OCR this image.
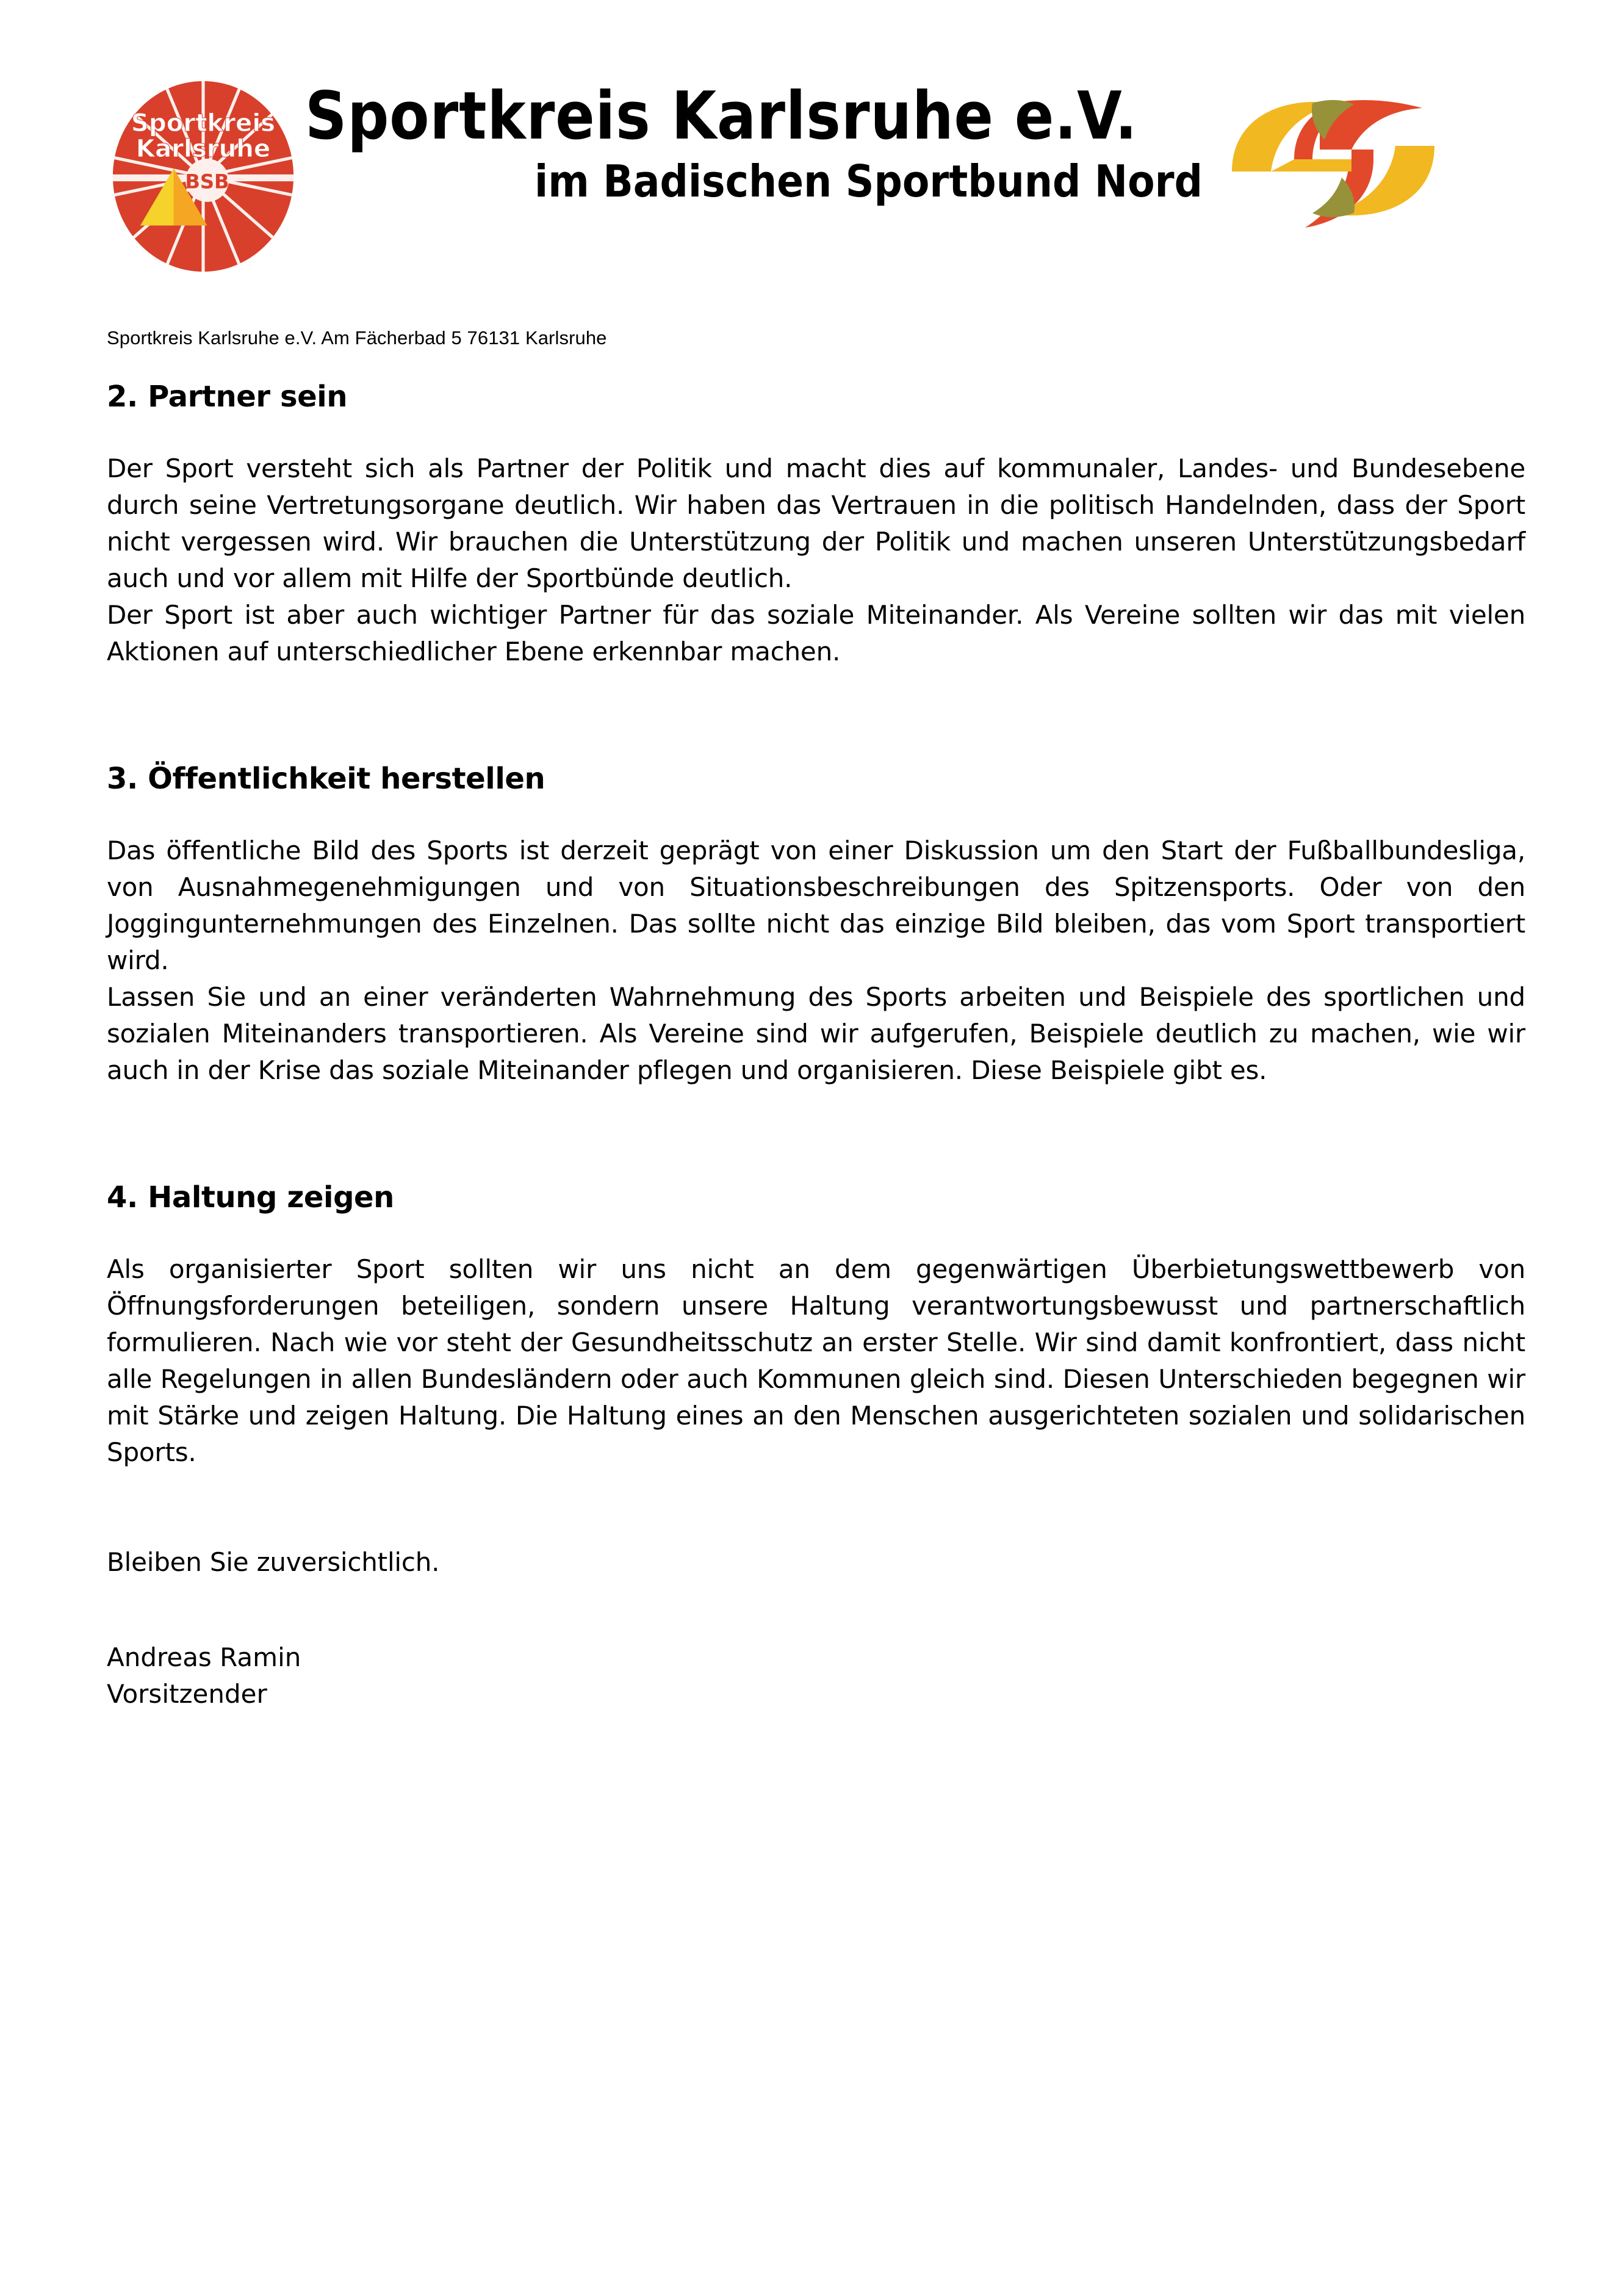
BSB
Sportkreis
Karlsruhe Sportkreis Karlsruhe e.V.
im Badischen Sportbund Nord
Sportkreis Karlsruhe e.V. Am Fächerbad 5 76131 Karlsruhe
2. Partner sein

Der Sport versteht sich als Partner der Politik und macht dies auf kommunaler, Landes- und Bundesebene durch seine Vertretungsorgane deutlich. Wir haben das Vertrauen in die politisch Handelnden, dass der Sport nicht vergessen wird. Wir brauchen die Unterstützung der Politik und machen unseren Unterstützungsbedarf auch und vor allem mit Hilfe der Sportbünde deutlich.

Der Sport ist aber auch wichtiger Partner für das soziale Miteinander. Als Vereine sollten wir das mit vielen Aktionen auf unterschiedlicher Ebene erkennbar machen.

3. Öffentlichkeit herstellen

Das öffentliche Bild des Sports ist derzeit geprägt von einer Diskussion um den Start der Fußballbundesliga, von Ausnahmegenehmigungen und von Situationsbeschreibungen des Spitzensports. Oder von den Joggingunternehmungen des Einzelnen. Das sollte nicht das einzige Bild bleiben, das vom Sport transportiert wird.

Lassen Sie und an einer veränderten Wahrnehmung des Sports arbeiten und Beispiele des sportlichen und sozialen Miteinanders transportieren. Als Vereine sind wir aufgerufen, Beispiele deutlich zu machen, wie wir auch in der Krise das soziale Miteinander pflegen und organisieren. Diese Beispiele gibt es.

4. Haltung zeigen

Als organisierter Sport sollten wir uns nicht an dem gegenwärtigen Überbietungswettbewerb von Öffnungsforderungen beteiligen, sondern unsere Haltung verantwortungsbewusst und partnerschaftlich formulieren. Nach wie vor steht der Gesundheitsschutz an erster Stelle. Wir sind damit konfrontiert, dass nicht alle Regelungen in allen Bundesländern oder auch Kommunen gleich sind. Diesen Unterschieden begegnen wir mit Stärke und zeigen Haltung. Die Haltung eines an den Menschen ausgerichteten sozialen und solidarischen Sports.

Bleiben Sie zuversichtlich.

Andreas Ramin
Vorsitzender
